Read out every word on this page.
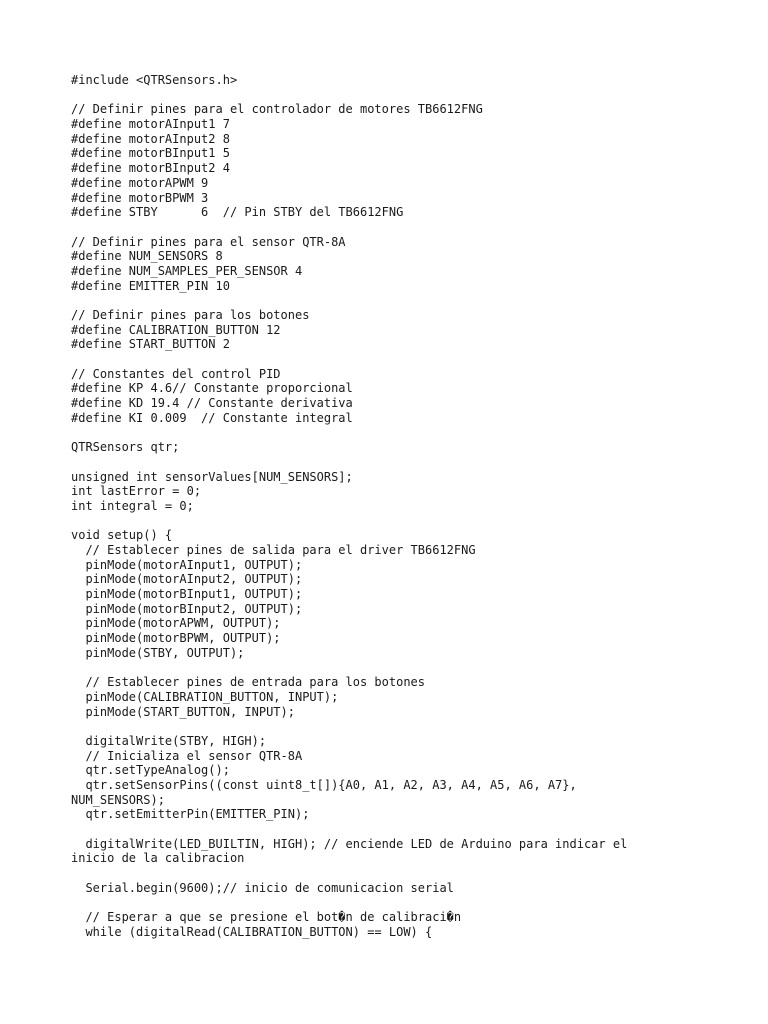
#include <QTRSensors.h>

// Definir pines para el controlador de motores TB6612FNG
#define motorAInput1 7
#define motorAInput2 8
#define motorBInput1 5
#define motorBInput2 4
#define motorAPWM 9
#define motorBPWM 3
#define STBY      6  // Pin STBY del TB6612FNG

// Definir pines para el sensor QTR-8A
#define NUM_SENSORS 8
#define NUM_SAMPLES_PER_SENSOR 4
#define EMITTER_PIN 10

// Definir pines para los botones
#define CALIBRATION_BUTTON 12
#define START_BUTTON 2

// Constantes del control PID
#define KP 4.6// Constante proporcional
#define KD 19.4 // Constante derivativa
#define KI 0.009  // Constante integral

QTRSensors qtr;

unsigned int sensorValues[NUM_SENSORS];
int lastError = 0;
int integral = 0;

void setup() {
// Establecer pines de salida para el driver TB6612FNG
pinMode(motorAInput1, OUTPUT);
pinMode(motorAInput2, OUTPUT);
pinMode(motorBInput1, OUTPUT);
pinMode(motorBInput2, OUTPUT);
pinMode(motorAPWM, OUTPUT);
pinMode(motorBPWM, OUTPUT);
pinMode(STBY, OUTPUT);

// Establecer pines de entrada para los botones
pinMode(CALIBRATION_BUTTON, INPUT);
pinMode(START_BUTTON, INPUT);

digitalWrite(STBY, HIGH);
// Inicializa el sensor QTR-8A
qtr.setTypeAnalog();
qtr.setSensorPins((const uint8_t[]){A0, A1, A2, A3, A4, A5, A6, A7},
NUM_SENSORS);
qtr.setEmitterPin(EMITTER_PIN);

digitalWrite(LED_BUILTIN, HIGH); // enciende LED de Arduino para indicar el
inicio de la calibracion

Serial.begin(9600);// inicio de comunicacion serial

// Esperar a que se presione el bot�n de calibraci�n
while (digitalRead(CALIBRATION_BUTTON) == LOW) {
